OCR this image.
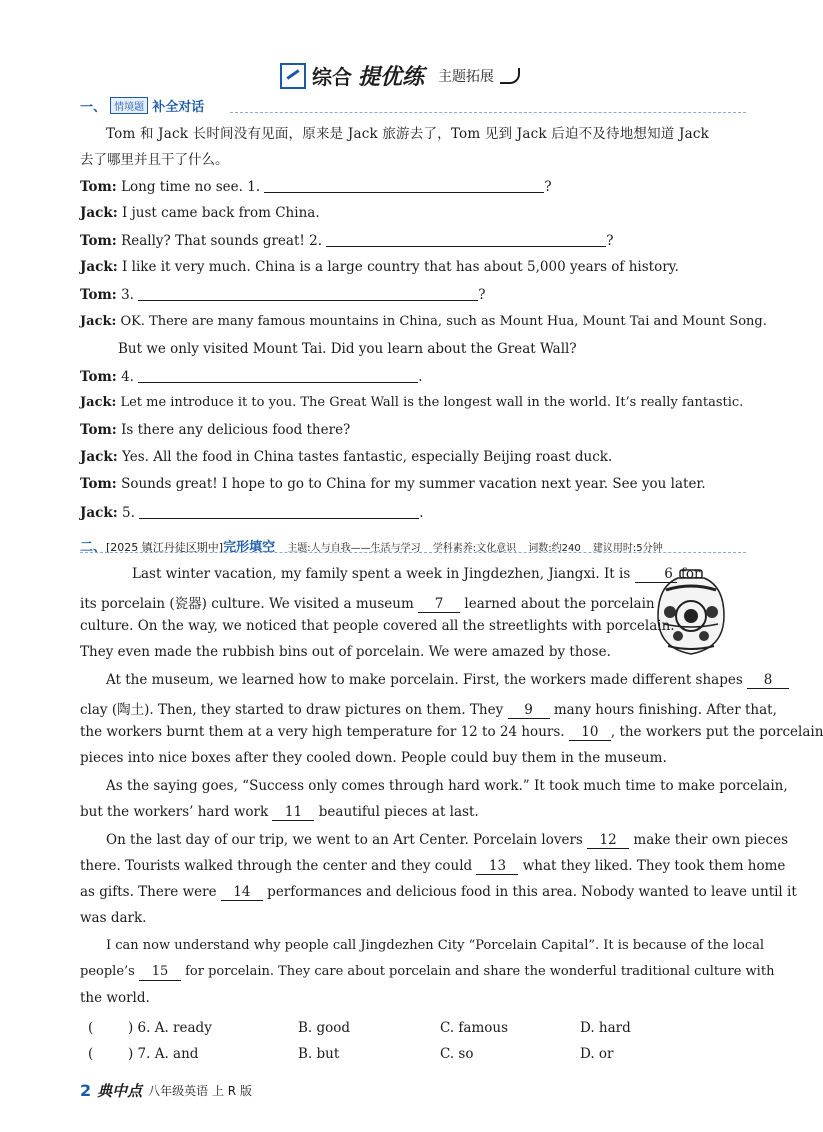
综合 提优练 主题拓展
一、 情境题 补全对话
Tom 和 Jack 长时间没有见面，原来是 Jack 旅游去了，Tom 见到 Jack 后迫不及待地想知道 Jack
去了哪里并且干了什么。
Tom: Long time no see. 1.	?
Jack: I just came back from China.
Tom: Really? That sounds great! 2.	?
Jack: I like it very much. China is a large country that has about 5,000 years of history.
Tom: 3.	?
Jack: OK. There are many famous mountains in China, such as Mount Hua, Mount Tai and Mount Song.
But we only visited Mount Tai. Did you learn about the Great Wall?
Tom: 4.	.
Jack: Let me introduce it to you. The Great Wall is the longest wall in the world. It’s really fantastic.
Tom: Is there any delicious food there?
Jack: Yes. All the food in China tastes fantastic, especially Beijing roast duck.
Tom: Sounds great! I hope to go to China for my summer vacation next year. See you later.
Jack: 5.	.
二、[2025 镇江丹徒区期中]完形填空 主题:人与自我——生活与学习 学科素养:文化意识 词数:约240 建议用时:5分钟
Last winter vacation, my family spent a week in Jingdezhen, Jiangxi. It is	6 for
its porcelain (瓷器) culture. We visited a museum 7 learned about the porcelain
culture. On the way, we noticed that people covered all the streetlights with porcelain.
They even made the rubbish bins out of porcelain. We were amazed by those.
At the museum, we learned how to make porcelain. First, the workers made different shapes 8
clay (陶土). Then, they started to draw pictures on them. They 9 many hours finishing. After that,
the workers burnt them at a very high temperature for 12 to 24 hours. 10 , the workers put the porcelain
pieces into nice boxes after they cooled down. People could buy them in the museum.
As the saying goes, “Success only comes through hard work.” It took much time to make porcelain,
but the workers’ hard work 11 beautiful pieces at last.
On the last day of our trip, we went to an Art Center. Porcelain lovers 12 make their own pieces
there. Tourists walked through the center and they could 13 what they liked. They took them home
as gifts. There were 14 performances and delicious food in this area. Nobody wanted to leave until it
was dark.
I can now understand why people call Jingdezhen City “Porcelain Capital”. It is because of the local
people’s 15 for porcelain. They care about porcelain and share the wonderful traditional culture with
the world.
(	) 6. A. ready	B. good	C. famous	D. hard
(	) 7. A. and	B. but	C. so	D. or
2 典中点 八年级英语 上 R 版
